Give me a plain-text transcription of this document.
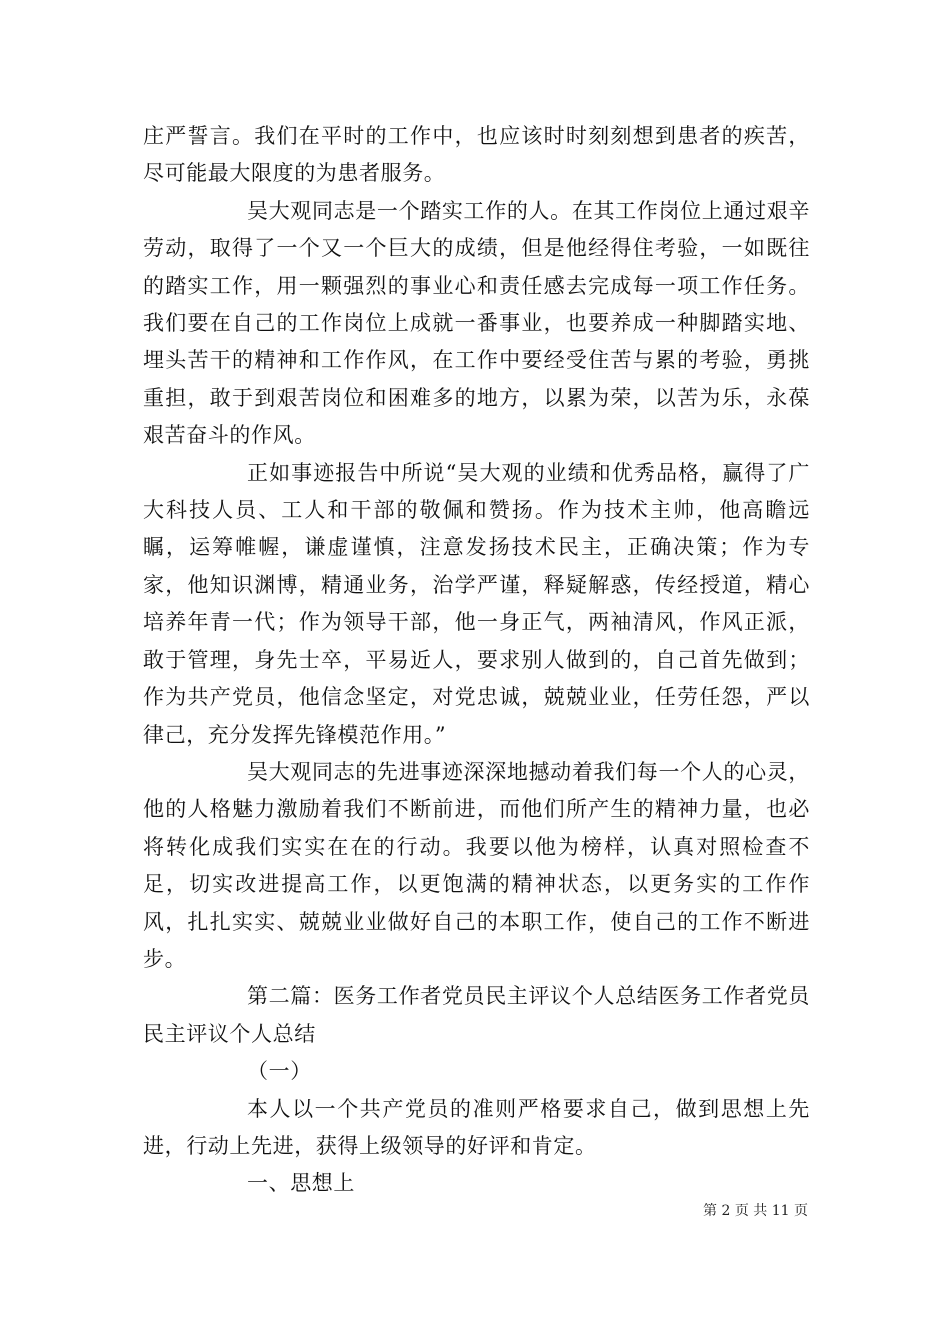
庄严誓言。我们在平时的工作中，也应该时时刻刻想到患者的疾苦，尽可能最大限度的为患者服务。

吴大观同志是一个踏实工作的人。在其工作岗位上通过艰辛劳动，取得了一个又一个巨大的成绩，但是他经得住考验，一如既往的踏实工作，用一颗强烈的事业心和责任感去完成每一项工作任务。我们要在自己的工作岗位上成就一番事业，也要养成一种脚踏实地、埋头苦干的精神和工作作风，在工作中要经受住苦与累的考验，勇挑重担，敢于到艰苦岗位和困难多的地方，以累为荣，以苦为乐，永葆艰苦奋斗的作风。

正如事迹报告中所说“吴大观的业绩和优秀品格，赢得了广大科技人员、工人和干部的敬佩和赞扬。作为技术主帅，他高瞻远瞩，运筹帷幄，谦虚谨慎，注意发扬技术民主，正确决策；作为专家，他知识渊博，精通业务，治学严谨，释疑解惑，传经授道，精心培养年青一代；作为领导干部，他一身正气，两袖清风，作风正派，敢于管理，身先士卒，平易近人，要求别人做到的，自己首先做到；作为共产党员，他信念坚定，对党忠诚，兢兢业业，任劳任怨，严以律己，充分发挥先锋模范作用。”

吴大观同志的先进事迹深深地撼动着我们每一个人的心灵，他的人格魅力激励着我们不断前进，而他们所产生的精神力量，也必将转化成我们实实在在的行动。我要以他为榜样，认真对照检查不足，切实改进提高工作，以更饱满的精神状态，以更务实的工作作风，扎扎实实、兢兢业业做好自己的本职工作，使自己的工作不断进步。

第二篇：医务工作者党员民主评议个人总结医务工作者党员民主评议个人总结

（一）

本人以一个共产党员的准则严格要求自己，做到思想上先进，行动上先进，获得上级领导的好评和肯定。

一、思想上

第 2 页 共 11 页
